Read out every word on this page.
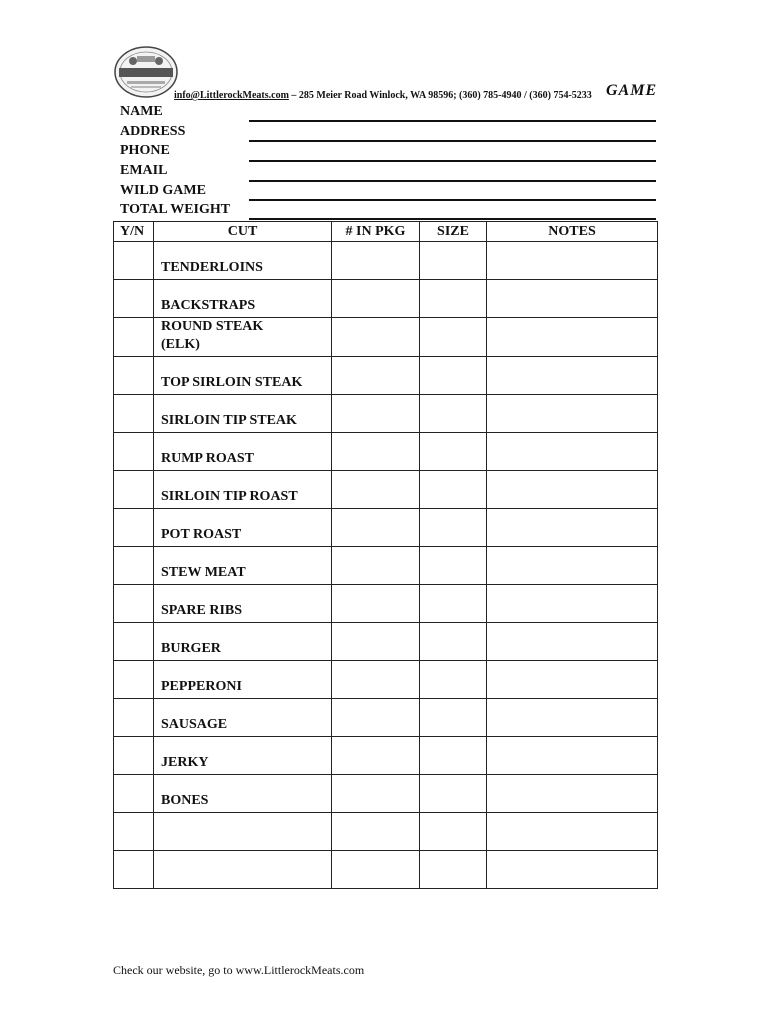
info@LittlerockMeats.com – 285 Meier Road Winlock, WA 98596; (360) 785-4940 / (360) 754-5233 GAME
NAME
ADDRESS
PHONE
EMAIL
WILD GAME
TOTAL WEIGHT
Y/N	CUT	# IN PKG	SIZE	NOTES
	TENDERLOINS			
	BACKSTRAPS			
	ROUND STEAK
(ELK)			
	TOP SIRLOIN STEAK			
	SIRLOIN TIP STEAK			
	RUMP ROAST			
	SIRLOIN TIP ROAST			
	POT ROAST			
	STEW MEAT			
	SPARE RIBS			
	BURGER			
	PEPPERONI			
	SAUSAGE			
	JERKY			
	BONES			

Check our website, go to www.LittlerockMeats.com
